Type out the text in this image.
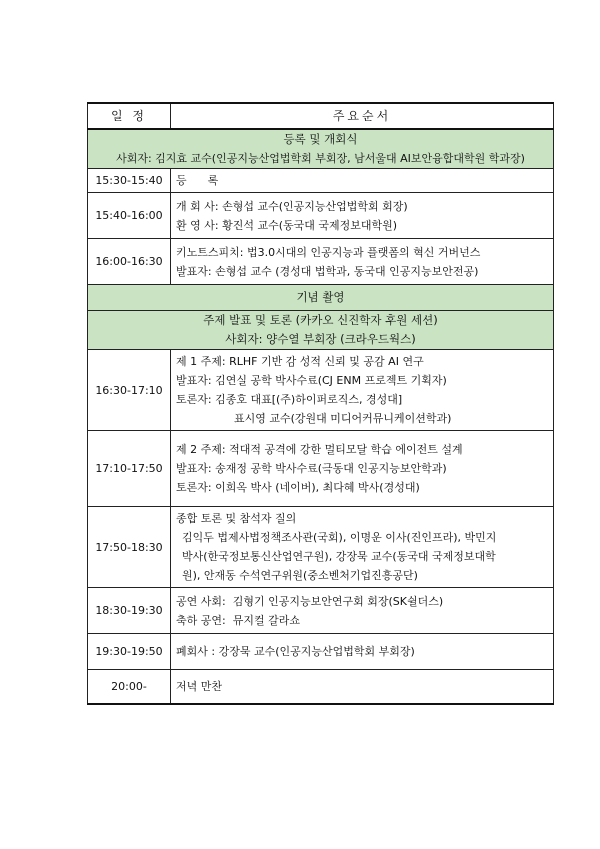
일 정	주요순서

등록 및 개회식
사회자: 김지효 교수(인공지능산업법학회 부회장, 남서울대 AI보안융합대학원 학과장)	

15:30-15:40	등      록

15:40-16:00	개 회 사: 손형섭 교수(인공지능산업법학회 회장)
환 영 사: 황진석 교수(동국대 국제정보대학원)

16:00-16:30	키노트스피치: 법3.0시대의 인공지능과 플랫폼의 혁신 거버넌스
발표자: 손형섭 교수 (경성대 법학과, 동국대 인공지능보안전공)

기념 촬영	

주제 발표 및 토론 (카카오 신진학자 후원 세션)
사회자: 양수열 부회장 (크라우드웍스)	

16:30-17:10	제 1 주제: RLHF 기반 감 성적 신뢰 및 공감 AI 연구
발표자: 김연실 공학 박사수료(CJ ENM 프로젝트 기획자)
토론자: 김종호 대표[(주)하이퍼로직스, 경성대]
표시영 교수(강원대 미디어커뮤니케이션학과)

17:10-17:50	제 2 주제: 적대적 공격에 강한 멀티모달 학습 에이전트 설계
발표자: 송재정 공학 박사수료(극동대 인공지능보안학과)
토론자: 이희옥 박사 (네이버), 최다혜 박사(경성대)

17:50-18:30	종합 토론 및 참석자 질의
김익두 법제사법정책조사관(국회), 이명운 이사(진인프라), 박민지
박사(한국정보통신산업연구원), 강장묵 교수(동국대 국제정보대학
원), 안재동 수석연구위원(중소벤처기업진흥공단)

18:30-19:30	공연 사회:  김형기 인공지능보안연구회 회장(SK쉴더스)
축하 공연:  뮤지컬 갈라쇼

19:30-19:50	폐회사 : 강장묵 교수(인공지능산업법학회 부회장)

20:00-	저녁 만찬
